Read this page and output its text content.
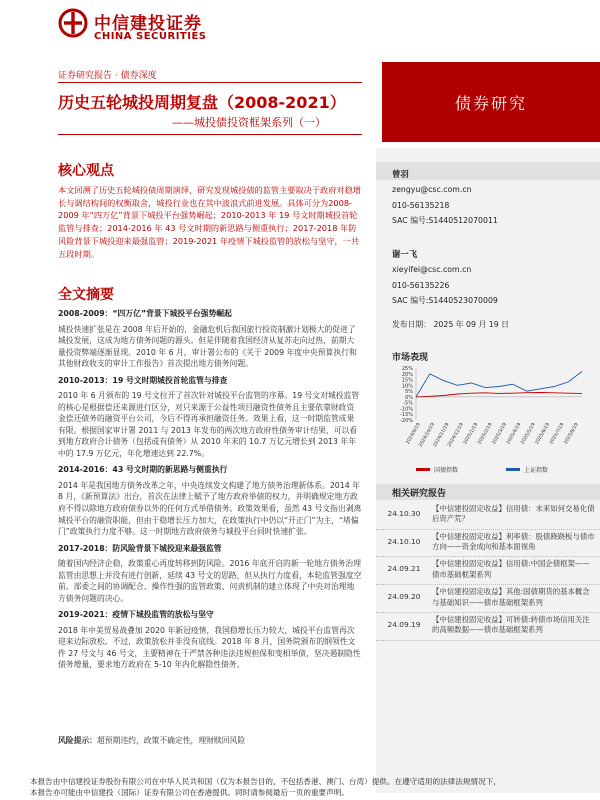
中信建投证券
CHINA SECURITIES
证券研究报告 · 债券深度
历史五轮城投周期复盘（2008-2021）
——城投债投资框架系列（一）
债券研究
核心观点

本文回溯了历史五轮城投债周期演绎，研究发现城投债的监管主要取决于政府对稳增长与调结构间的权衡取舍，城投行业也在其中波浪式前进发展。具体可分为2008-2009 年“四万亿”背景下城投平台强势崛起；2010-2013 年 19 号文时期城投首轮监管与排查；2014-2016 年 43 号文时期的新思路与侧重执行；2017-2018 年防风险背景下城投迎来最强监管；2019-2021 年疫情下城投监管的放松与坚守，一共五段时期。

全文摘要

2008-2009：“四万亿”背景下城投平台强势崛起

城投快速扩张是在 2008 年后开始的，金融危机后我国旅行投资制激计划极大的促进了城投发展，这成为地方债务问题的源头。但是伴随着我国经济从复苏走向过热，前期大量投资弊端逐渐显现。2010 年 6 月，审计署公布的《关于 2009 年度中央预算执行和其他财政收支的审计工作报告》首次提出地方债务问题。

2010-2013：19 号文时期城投首轮监管与排查

2010 年 6 月颁布的 19 号文拉开了首次针对城投平台监管的序幕。19 号文对城投监管的核心是根据偿还来源进行区分，对只来源于公益性项目融资性债务且主要依靠财政资金偿还债务的融资平台公司，今后不得再承担融资任务。效果上看，这一时期监管成果有限。根据国家审计署 2011 与 2013 年发布的两次地方政府性债务审计结果，可以看到地方政府合计债务（包括或有债务）从 2010 年末的 10.7 万亿元增长到 2013 年年中的 17.9 万亿元，年化增速达到 22.7%。

2014-2016：43 号文时期的新思路与侧重执行

2014 年是我国地方债务改革之年，中央连续发文构建了地方债务治理新体系。2014 年 8 月，《新预算法》出台，首次在法律上赋予了地方政府举债的权力，并明确规定地方政府不得以除地方政府债券以外的任何方式举借债务。政策效果看，虽然 43 号文指出剥离城投平台的融资职能，但由于稳增长压力加大，在政策执行中仍以“开正门”为主，“堵偏门”政策执行力度不够。这一时期地方政府债务与城投平台同时快速扩张。

2017-2018：防风险背景下城投迎来最强监管

随着国内经济企稳，政策重心再度转移到防风险。2016 年底开启的新一轮地方债务治理监管由思想上并没有进行创新，延续 43 号文的思路，但从执行力度看，本轮监管强度空前。部委之间的协调配合、操作性强的监管政策、问责机制的建立体现了中央对治理地方债务问题的决心。

2019-2021：疫情下城投监管的放松与坚守

2018 年中美贸易战叠加 2020 年新冠疫情，我国稳增长压力较大，城投平台监管再次迎来边际放松。不过，政策放松并非没有底线。2018 年 8 月，国务院颁布的纲领性文件 27 号文与 46 号文，主要精神在于严禁各种违法违规担保和变相举债，坚决遏制隐性债务增量，要求地方政府在 5-10 年内化解隐性债务。

风险提示：超预期违约，政策不确定性，理财赎回风险
曾羽
zengyu@csc.com.cn
010-56135218
SAC 编号:S1440512070011
谢一飞
xieyifei@csc.com.cn
010-56135226
SAC 编号:S1440523070009
发布日期： 2025 年 09 月 19 日
市场表现
25%
20%
15%
10%
5%
0%
-5%
-10%
-15%
-20%
2024/9/19
2024/10/19
2024/11/19
2024/12/19
2025/1/19
2025/2/19
2025/3/19
2025/4/19
2025/5/19
2025/6/19
2025/7/19
2025/8/19
国债指数	上证指数
相关研究报告
24.10.30
【中信建投固定收益】信用债：未来如何交易化债后资产荒？
24.10.10
【中信建投固定收益】利率债：股债跷跷板与债市方向——资金成向和基本面视角
24.09.21
【中信建投固定收益】信用债:中国企债框架——债市基础框架系列
24.09.20
【中信建投固定收益】其他:国债期货的基本概念与基础知识——债市基础框架系列
24.09.19
【中信建投固定收益】可转债:转债市场信用关注的高频数据——债市基础框架系列
本报告由中信建投证券股份有限公司在中华人民共和国（仅为本报告目的，不包括香港、澳门、台湾）提供。在遵守适用的法律法规情况下，
本报告亦可能由中信建投（国际）证券有限公司在香港提供。同时请参阅最后一页的重要声明。
